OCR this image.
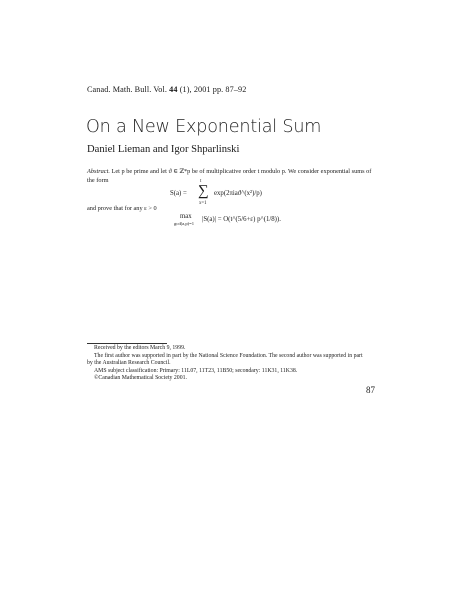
Canad. Math. Bull. Vol. 44 (1), 2001 pp. 87–92
On a New Exponential Sum
Daniel Lieman and Igor Shparlinski
Abstract. Let p be prime and let ϑ ∈ ℤ*p be of multiplicative order t modulo p. We consider exponential sums of the form
S(a) =
t
∑
x=1
exp(2πiaϑ^(x²)/p)
and prove that for any ε > 0
max
gcd(a,p)=1
|S(a)| = O(t^(5/6+ε) p^(1/8)).
Received by the editors March 9, 1999.
The first author was supported in part by the National Science Foundation. The second author was supported in part by the Australian Research Council.
AMS subject classification: Primary: 11L07, 11T23, 11B50; secondary: 11K31, 11K38.
©Canadian Mathematical Society 2001.
87
